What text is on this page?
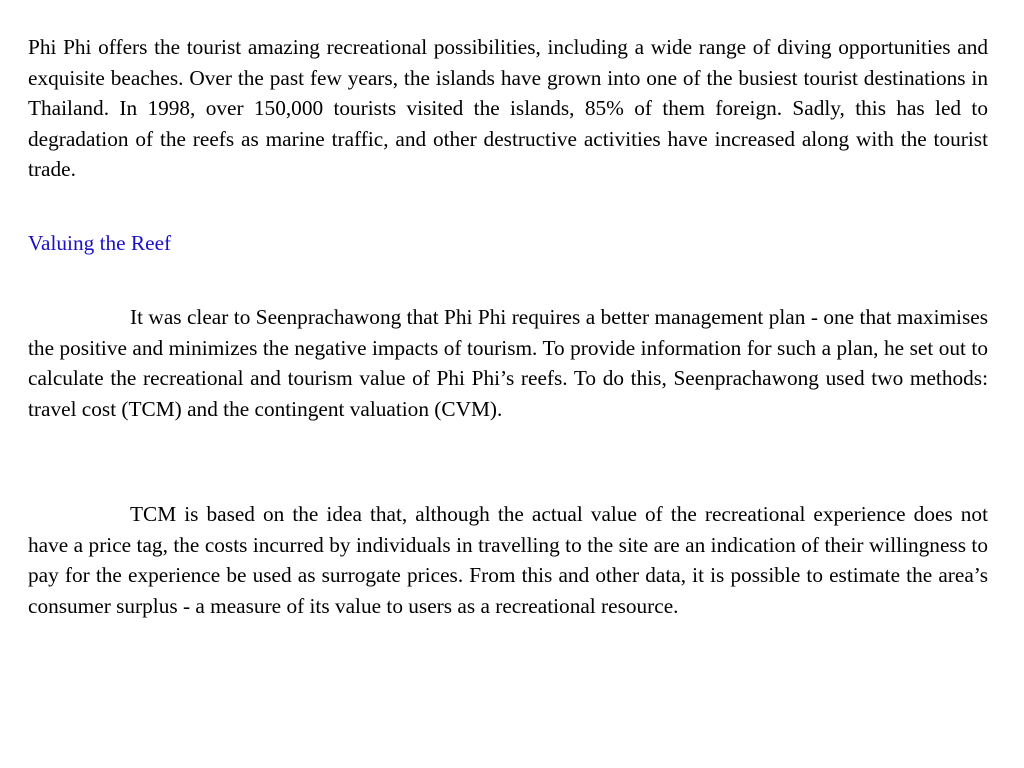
Phi Phi offers the tourist amazing recreational possibilities, including a wide range of diving opportunities and exquisite beaches. Over the past few years, the islands have grown into one of the busiest tourist destinations in Thailand. In 1998, over 150,000 tourists visited the islands, 85% of them foreign. Sadly, this has led to degradation of the reefs as marine traffic, and other destructive activities have increased along with the tourist trade.

Valuing the Reef

It was clear to Seenprachawong that Phi Phi requires a better management plan - one that maximises the positive and minimizes the negative impacts of tourism. To provide information for such a plan, he set out to calculate the recreational and tourism value of Phi Phi’s reefs. To do this, Seenprachawong used two methods: travel cost (TCM) and the contingent valuation (CVM).

TCM is based on the idea that, although the actual value of the recreational experience does not have a price tag, the costs incurred by individuals in travelling to the site are an indication of their willingness to pay for the experience be used as surrogate prices. From this and other data, it is possible to estimate the area’s consumer surplus - a measure of its value to users as a recreational resource.
